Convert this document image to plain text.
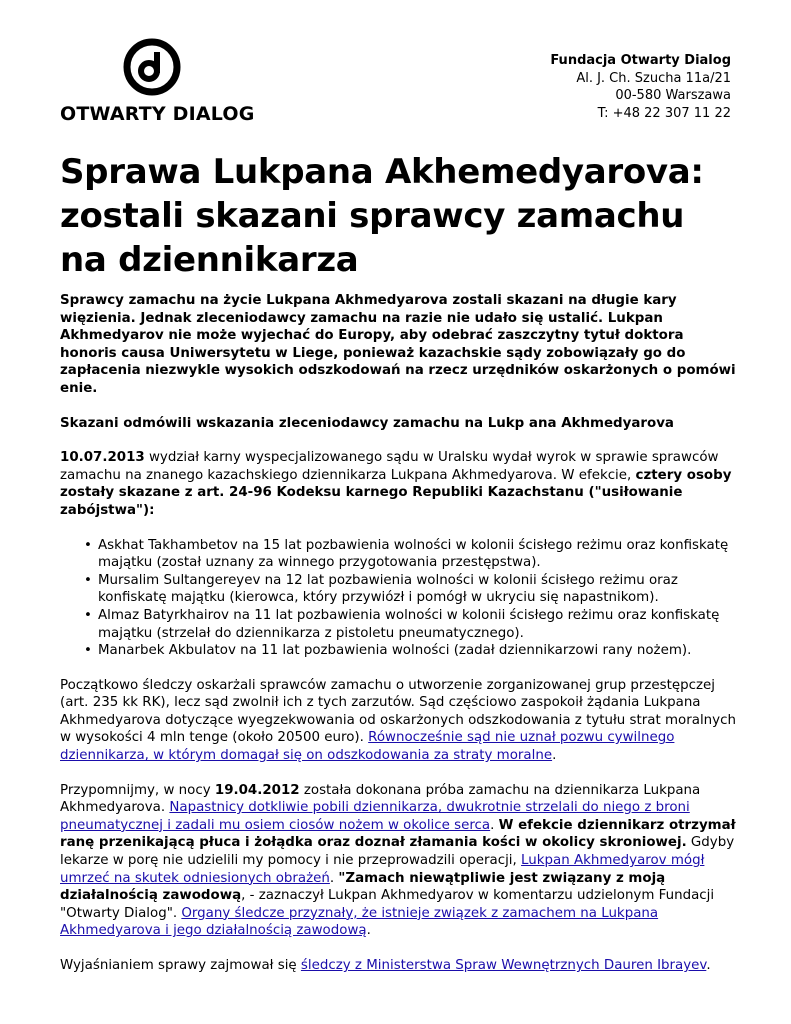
OTWARTY DIALOG
Fundacja Otwarty Dialog
Al. J. Ch. Szucha 11a/21
00-580 Warszawa
T: +48 22 307 11 22
Sprawa Lukpana Akhemedyarova: zostali skazani sprawcy zamachu na dziennikarza

Sprawcy zamachu na życie Lukpana Akhmedyarova zostali skazani na długie kary więzienia. Jednak zleceniodawcy zamachu na razie nie udało się ustalić. Lukpan Akhmedyarov nie może wyjechać do Europy, aby odebrać zaszczytny tytuł doktora honoris causa Uniwersytetu w Liege, ponieważ kazachskie sądy zobowiązały go do zapłacenia niezwykle wysokich odszkodowań na rzecz urzędników oskarżonych o pomówi enie.

Skazani odmówili wskazania zleceniodawcy zamachu na Lukp ana Akhmedyarova

10.07.2013 wydział karny wyspecjalizowanego sądu w Uralsku wydał wyrok w sprawie sprawców zamachu na znanego kazachskiego dziennikarza Lukpana Akhmedyarova. W efekcie, cztery osoby zostały skazane z art. 24-96 Kodeksu karnego Republiki Kazachstanu ("usiłowanie zabójstwa"):

• Askhat Takhambetov na 15 lat pozbawienia wolności w kolonii ścisłego reżimu oraz konfiskatę majątku (został uznany za winnego przygotowania przestępstwa).
• Mursalim Sultangereyev na 12 lat pozbawienia wolności w kolonii ścisłego reżimu oraz konfiskatę majątku (kierowca, który przywiózł i pomógł w ukryciu się napastnikom).
• Almaz Batyrkhairov na 11 lat pozbawienia wolności w kolonii ścisłego reżimu oraz konfiskatę majątku (strzelał do dziennikarza z pistoletu pneumatycznego).
• Manarbek Akbulatov na 11 lat pozbawienia wolności (zadał dziennikarzowi rany nożem).

Początkowo śledczy oskarżali sprawców zamachu o utworzenie zorganizowanej grup przestępczej (art. 235 kk RK), lecz sąd zwolnił ich z tych zarzutów. Sąd częściowo zaspokoił żądania Lukpana Akhmedyarova dotyczące wyegzekwowania od oskarżonych odszkodowania z tytułu strat moralnych w wysokości 4 mln tenge (około 20500 euro). Równocześnie sąd nie uznał pozwu cywilnego dziennikarza, w którym domagał się on odszkodowania za straty moralne.

Przypomnijmy, w nocy 19.04.2012 została dokonana próba zamachu na dziennikarza Lukpana Akhmedyarova. Napastnicy dotkliwie pobili dziennikarza, dwukrotnie strzelali do niego z broni pneumatycznej i zadali mu osiem ciosów nożem w okolice serca. W efekcie dziennikarz otrzymał ranę przenikającą płuca i żołądka oraz doznał złamania kości w okolicy skroniowej. Gdyby lekarze w porę nie udzielili my pomocy i nie przeprowadzili operacji, Lukpan Akhmedyarov mógł umrzeć na skutek odniesionych obrażeń. "Zamach niewątpliwie jest związany z moją działalnością zawodową, - zaznaczył Lukpan Akhmedyarov w komentarzu udzielonym Fundacji "Otwarty Dialog". Organy śledcze przyznały, że istnieje związek z zamachem na Lukpana Akhmedyarova i jego działalnością zawodową.

Wyjaśnianiem sprawy zajmował się śledczy z Ministerstwa Spraw Wewnętrznych Dauren Ibrayev.
